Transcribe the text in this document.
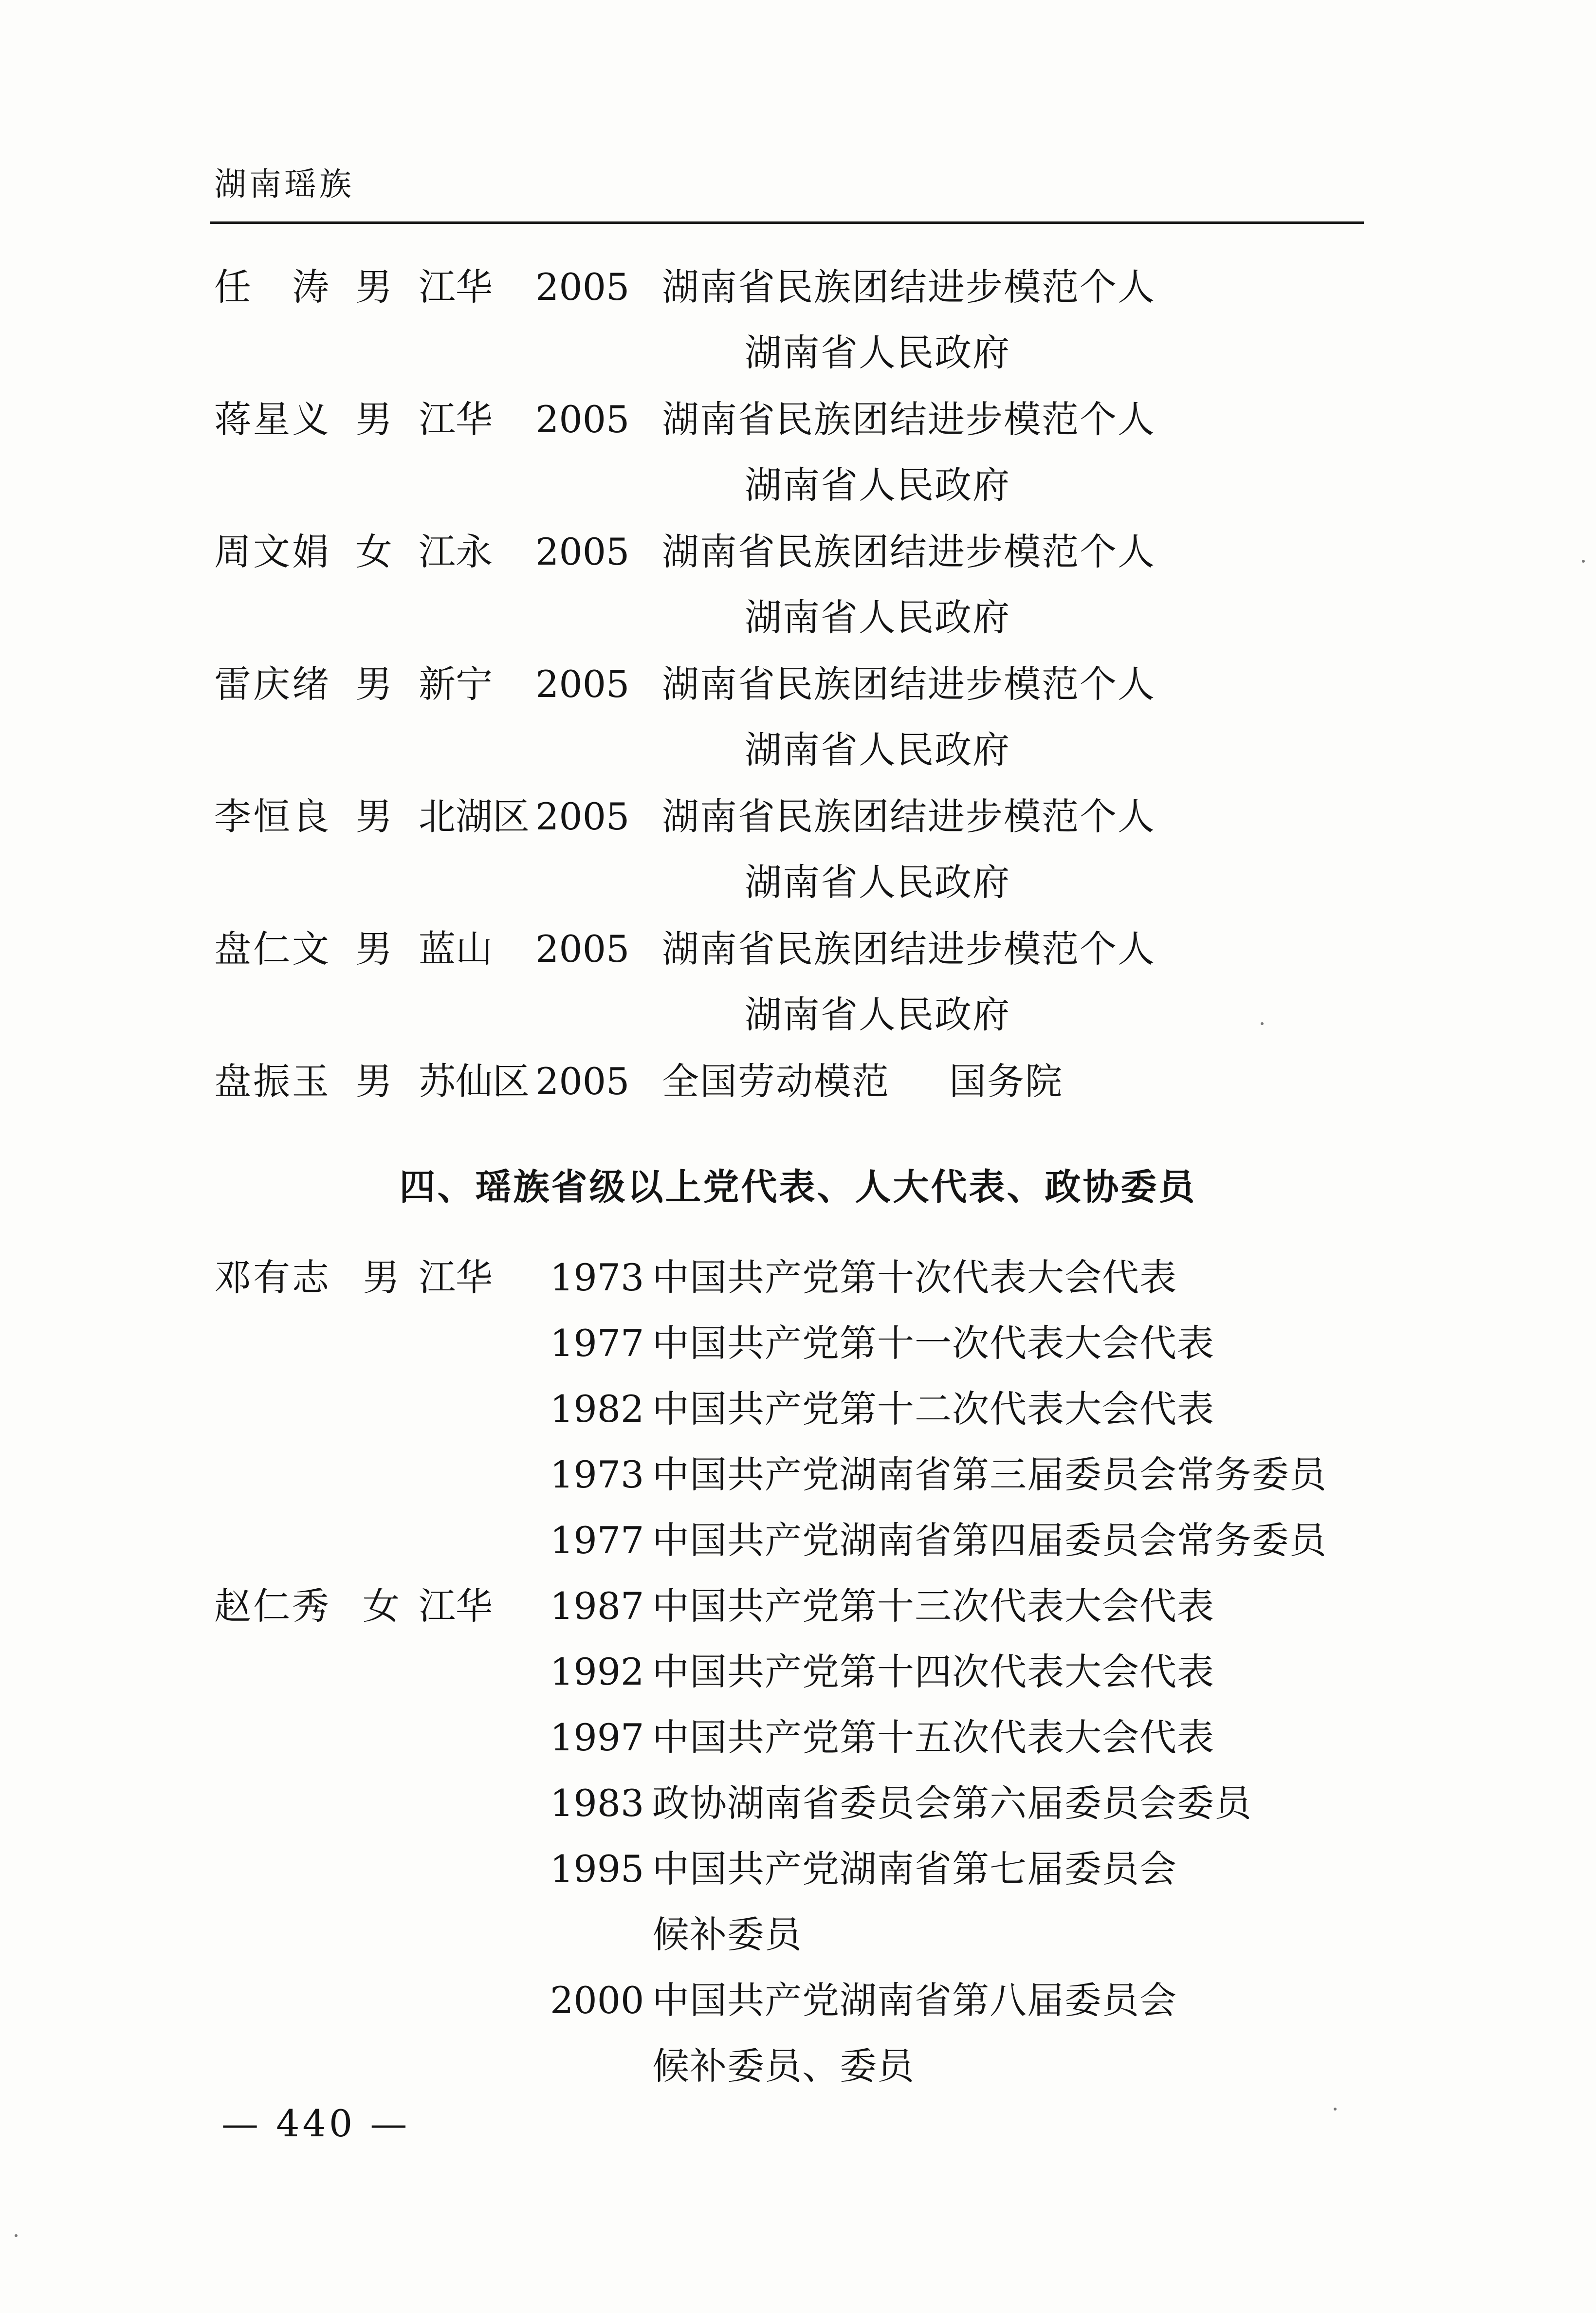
湖南瑶族
任　涛 男 江华 2005 湖南省民族团结进步模范个人
湖南省人民政府
蒋星义 男 江华 2005 湖南省民族团结进步模范个人
湖南省人民政府
周文娟 女 江永 2005 湖南省民族团结进步模范个人
湖南省人民政府
雷庆绪 男 新宁 2005 湖南省民族团结进步模范个人
湖南省人民政府
李恒良 男 北湖区 2005 湖南省民族团结进步模范个人
湖南省人民政府
盘仁文 男 蓝山 2005 湖南省民族团结进步模范个人
湖南省人民政府
盘振玉 男 苏仙区 2005 全国劳动模范 国务院
四、瑶族省级以上党代表、人大代表、政协委员
邓有志 男 江华 1973 中国共产党第十次代表大会代表
1977 中国共产党第十一次代表大会代表
1982 中国共产党第十二次代表大会代表
1973 中国共产党湖南省第三届委员会常务委员
1977 中国共产党湖南省第四届委员会常务委员
赵仁秀 女 江华 1987 中国共产党第十三次代表大会代表
1992 中国共产党第十四次代表大会代表
1997 中国共产党第十五次代表大会代表
1983 政协湖南省委员会第六届委员会委员
1995 中国共产党湖南省第七届委员会
候补委员
2000 中国共产党湖南省第八届委员会
候补委员、委员
— 440 —
